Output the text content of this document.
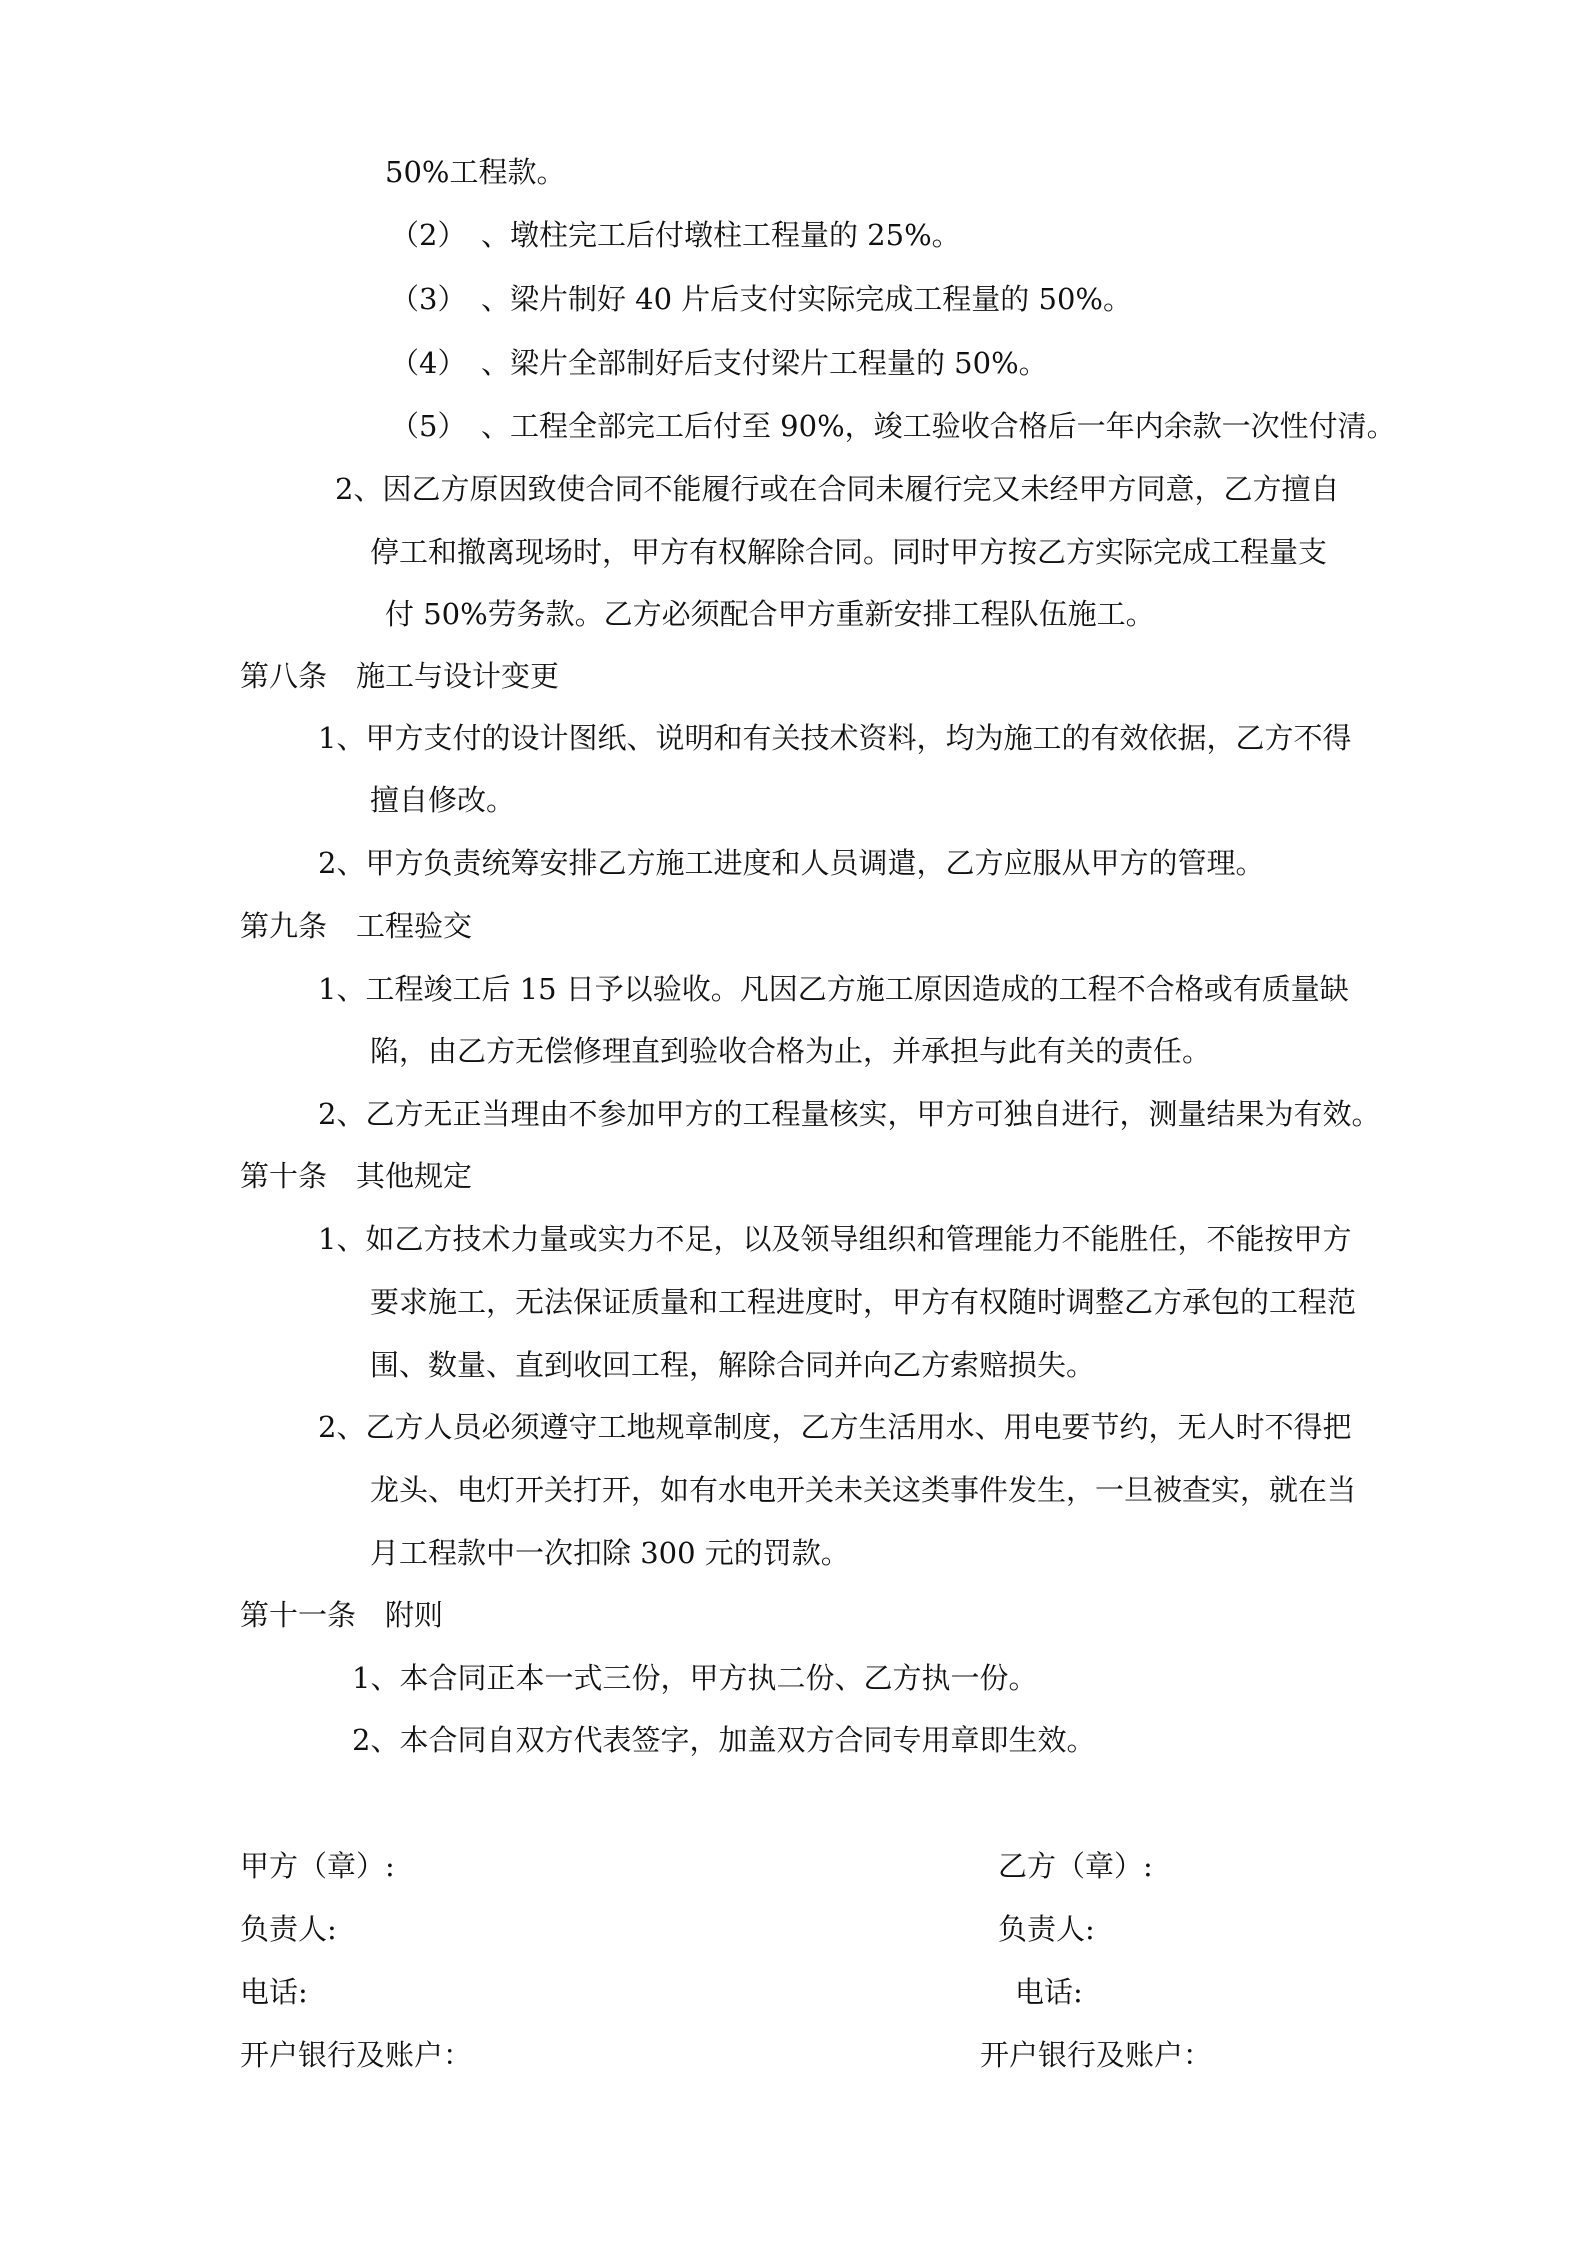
50%工程款。

（2）　、墩柱完工后付墩柱工程量的 25%。

（3）　、梁片制好 40 片后支付实际完成工程量的 50%。

（4）　、梁片全部制好后支付梁片工程量的 50%。

（5）　、工程全部完工后付至 90%，竣工验收合格后一年内余款一次性付清。

2、因乙方原因致使合同不能履行或在合同未履行完又未经甲方同意，乙方擅自

停工和撤离现场时，甲方有权解除合同。同时甲方按乙方实际完成工程量支

付 50%劳务款。乙方必须配合甲方重新安排工程队伍施工。

第八条　施工与设计变更

1、甲方支付的设计图纸、说明和有关技术资料，均为施工的有效依据，乙方不得

擅自修改。

2、甲方负责统筹安排乙方施工进度和人员调遣，乙方应服从甲方的管理。

第九条　工程验交

1、工程竣工后 15 日予以验收。凡因乙方施工原因造成的工程不合格或有质量缺

陷，由乙方无偿修理直到验收合格为止，并承担与此有关的责任。

2、乙方无正当理由不参加甲方的工程量核实，甲方可独自进行，测量结果为有效。

第十条　其他规定

1、如乙方技术力量或实力不足，以及领导组织和管理能力不能胜任，不能按甲方

要求施工，无法保证质量和工程进度时，甲方有权随时调整乙方承包的工程范

围、数量、直到收回工程，解除合同并向乙方索赔损失。

2、乙方人员必须遵守工地规章制度，乙方生活用水、用电要节约，无人时不得把

龙头、电灯开关打开，如有水电开关未关这类事件发生，一旦被查实，就在当

月工程款中一次扣除 300 元的罚款。

第十一条　附则

1、本合同正本一式三份，甲方执二份、乙方执一份。

2、本合同自双方代表签字，加盖双方合同专用章即生效。

甲方（章）:	乙方（章）:

负责人:	负责人:

电话:	电话:

开户银行及账户：	开户银行及账户：
